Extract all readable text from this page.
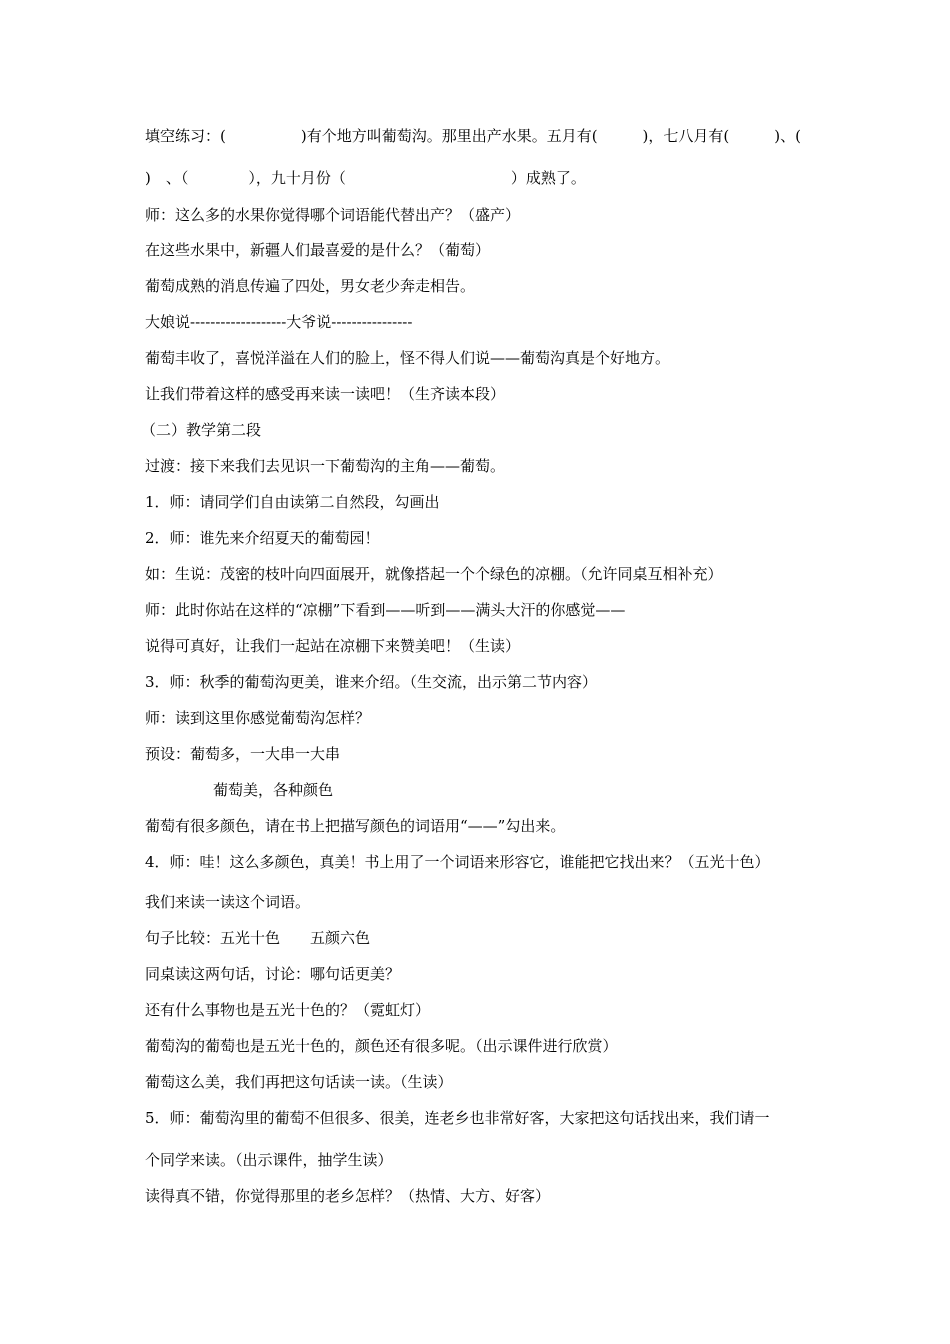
填空练习：(　　　　　)有个地方叫葡萄沟。那里出产水果。五月有(　　　)，七八月有(　　　)、(
)　、（　　　　），九十月份（　　　　　　　　　　　）成熟了。
师：这么多的水果你觉得哪个词语能代替出产？（盛产）
在这些水果中，新疆人们最喜爱的是什么？（葡萄）
葡萄成熟的消息传遍了四处，男女老少奔走相告。
大娘说-------------------大爷说----------------
葡萄丰收了，喜悦洋溢在人们的脸上，怪不得人们说——葡萄沟真是个好地方。
让我们带着这样的感受再来读一读吧！（生齐读本段）
（二）教学第二段
过渡：接下来我们去见识一下葡萄沟的主角——葡萄。
1．师：请同学们自由读第二自然段，勾画出
2．师：谁先来介绍夏天的葡萄园！
如：生说：茂密的枝叶向四面展开，就像搭起一个个绿色的凉棚。（允许同桌互相补充）
师：此时你站在这样的“凉棚”下看到——听到——满头大汗的你感觉——
说得可真好，让我们一起站在凉棚下来赞美吧！（生读）
3．师：秋季的葡萄沟更美，谁来介绍。（生交流，出示第二节内容）
师：读到这里你感觉葡萄沟怎样？
预设：葡萄多，一大串一大串
葡萄美，各种颜色
葡萄有很多颜色，请在书上把描写颜色的词语用“——”勾出来。
4．师：哇！这么多颜色，真美！书上用了一个词语来形容它，谁能把它找出来？（五光十色）
我们来读一读这个词语。
句子比较：五光十色　　五颜六色
同桌读这两句话，讨论：哪句话更美？
还有什么事物也是五光十色的？（霓虹灯）
葡萄沟的葡萄也是五光十色的，颜色还有很多呢。（出示课件进行欣赏）
葡萄这么美，我们再把这句话读一读。（生读）
5．师：葡萄沟里的葡萄不但很多、很美，连老乡也非常好客，大家把这句话找出来，我们请一
个同学来读。（出示课件，抽学生读）
读得真不错，你觉得那里的老乡怎样？（热情、大方、好客）
